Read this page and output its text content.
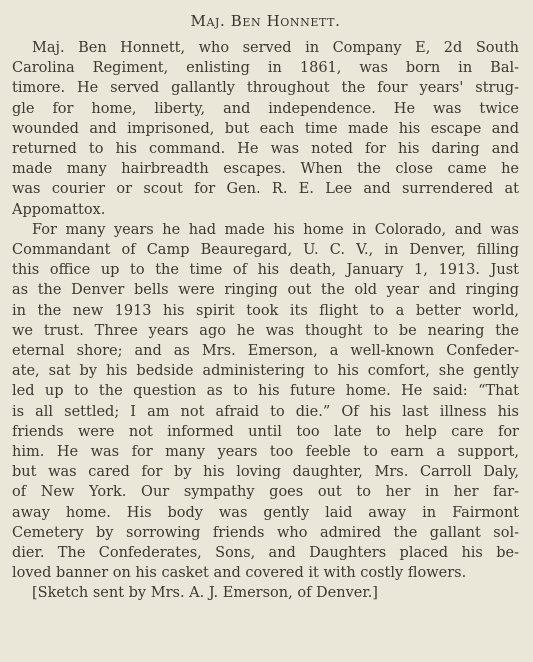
Maj. Ben Honnett.
Maj. Ben Honnett, who served in Company E, 2d South
Carolina Regiment, enlisting in 1861, was born in Bal-
timore. He served gallantly throughout the four years' strug-
gle for home, liberty, and independence. He was twice
wounded and imprisoned, but each time made his escape and
returned to his command. He was noted for his daring and
made many hairbreadth escapes. When the close came he
was courier or scout for Gen. R. E. Lee and surrendered at
Appomattox.
For many years he had made his home in Colorado, and was
Commandant of Camp Beauregard, U. C. V., in Denver, filling
this office up to the time of his death, January 1, 1913. Just
as the Denver bells were ringing out the old year and ringing
in the new 1913 his spirit took its flight to a better world,
we trust. Three years ago he was thought to be nearing the
eternal shore; and as Mrs. Emerson, a well-known Confeder-
ate, sat by his bedside administering to his comfort, she gently
led up to the question as to his future home. He said: “That
is all settled; I am not afraid to die.” Of his last illness his
friends were not informed until too late to help care for
him. He was for many years too feeble to earn a support,
but was cared for by his loving daughter, Mrs. Carroll Daly,
of New York. Our sympathy goes out to her in her far-
away home. His body was gently laid away in Fairmont
Cemetery by sorrowing friends who admired the gallant sol-
dier. The Confederates, Sons, and Daughters placed his be-
loved banner on his casket and covered it with costly flowers.
[Sketch sent by Mrs. A. J. Emerson, of Denver.]
